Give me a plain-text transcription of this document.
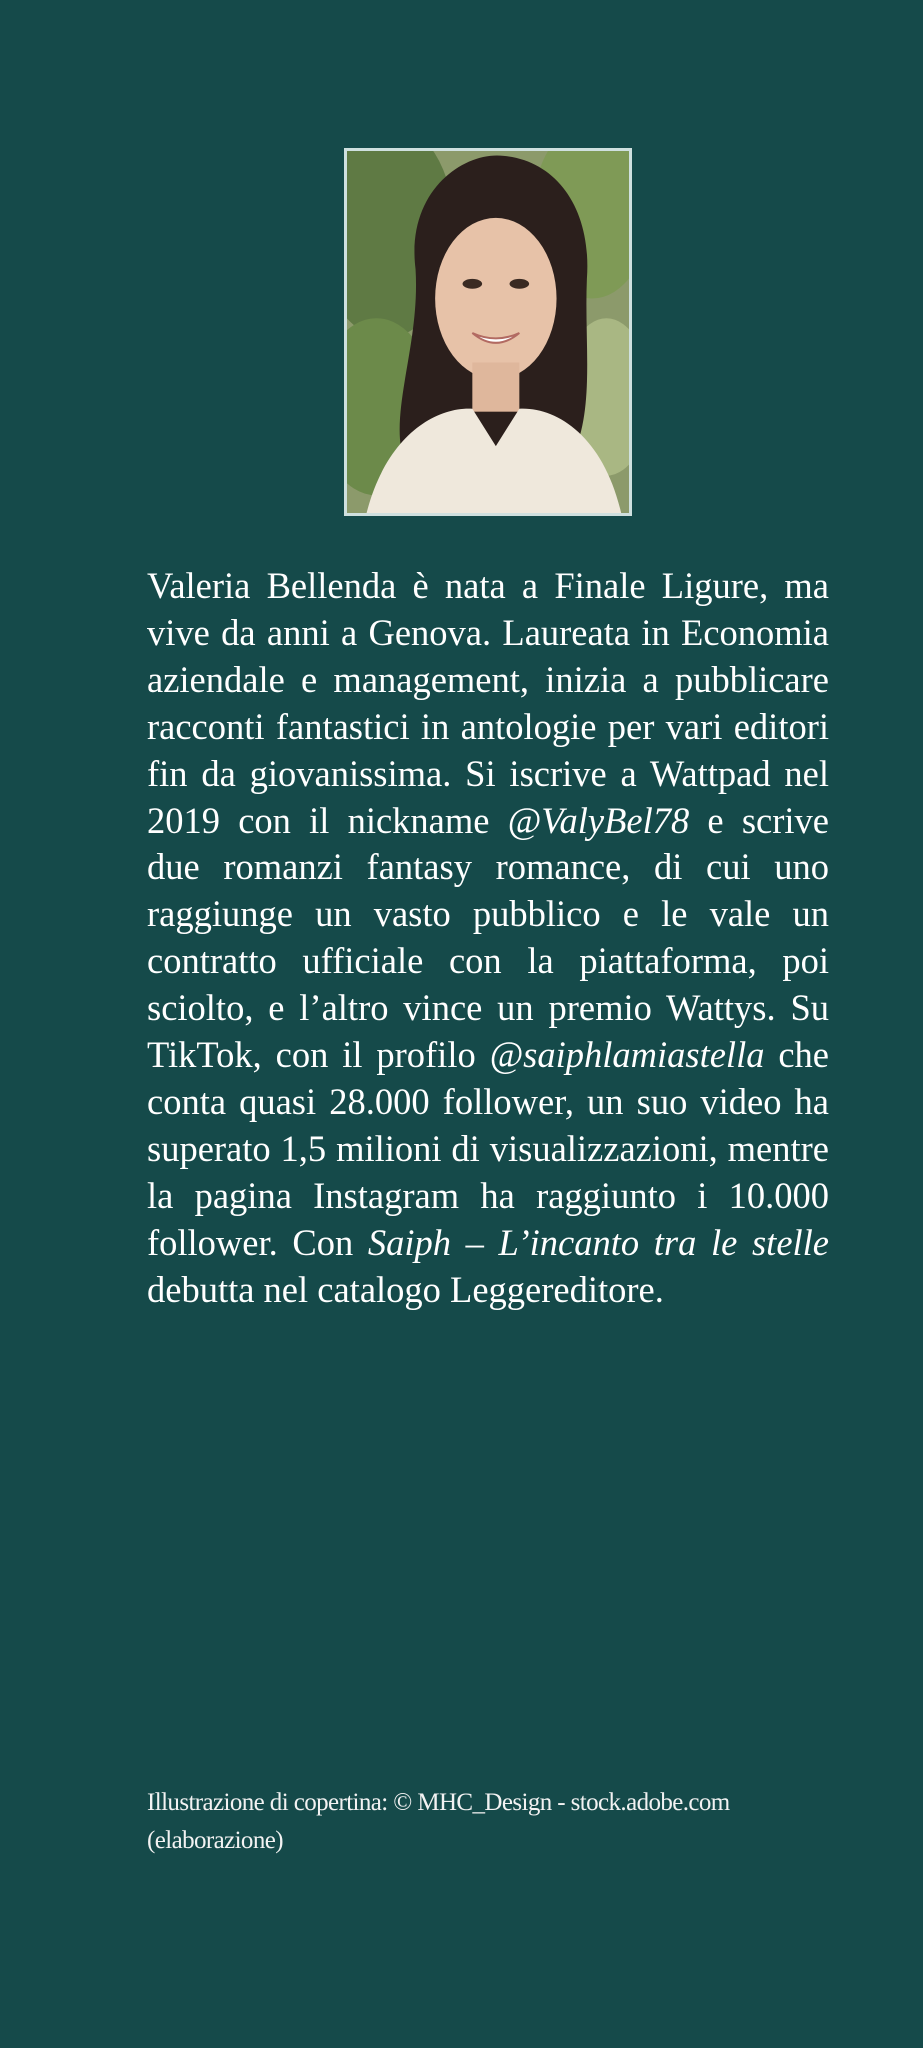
Valeria Bellenda è nata a Finale Ligure, ma vive da anni a Genova. Laureata in Economia aziendale e management, inizia a pubblicare racconti fantastici in antologie per vari editori fin da giovanissima. Si iscrive a Wattpad nel 2019 con il nickname @ValyBel78 e scrive due romanzi fantasy romance, di cui uno raggiunge un vasto pubblico e le vale un contratto ufficiale con la piattaforma, poi sciolto, e l’altro vince un premio Wattys. Su TikTok, con il profilo @saiphlamiastella che conta quasi 28.000 follower, un suo video ha superato 1,5 milioni di visualizzazioni, mentre la pagina Instagram ha raggiunto i 10.000 follower. Con Saiph – L’incanto tra le stelle debutta nel catalogo Leggereditore.

Illustrazione di copertina: © MHC_Design - stock.adobe.com
(elaborazione)
